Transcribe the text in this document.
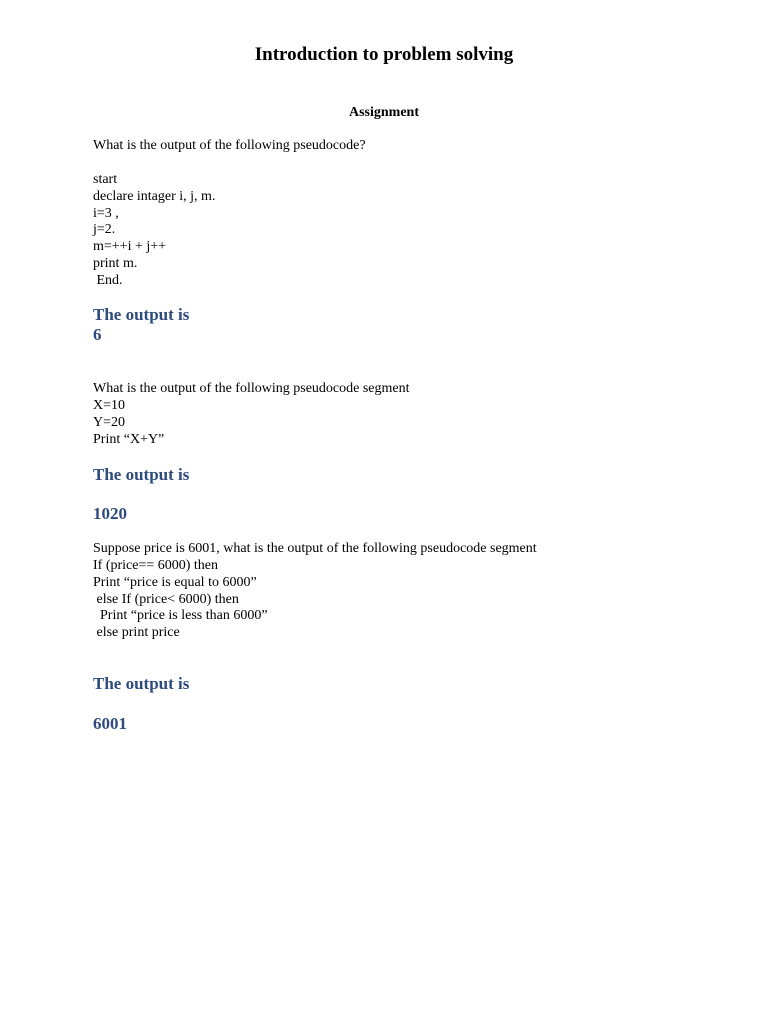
Introduction to problem solving
Assignment
What is the output of the following pseudocode?
start
declare intager i, j, m.
i=3 ,
j=2.
m=++i + j++
print m.
End.
The output is
6
What is the output of the following pseudocode segment
X=10
Y=20
Print “X+Y”
The output is
1020
Suppose price is 6001, what is the output of the following pseudocode segment
If (price== 6000) then
Print “price is equal to 6000”
else If (price< 6000) then
Print “price is less than 6000”
else print price
The output is
6001
